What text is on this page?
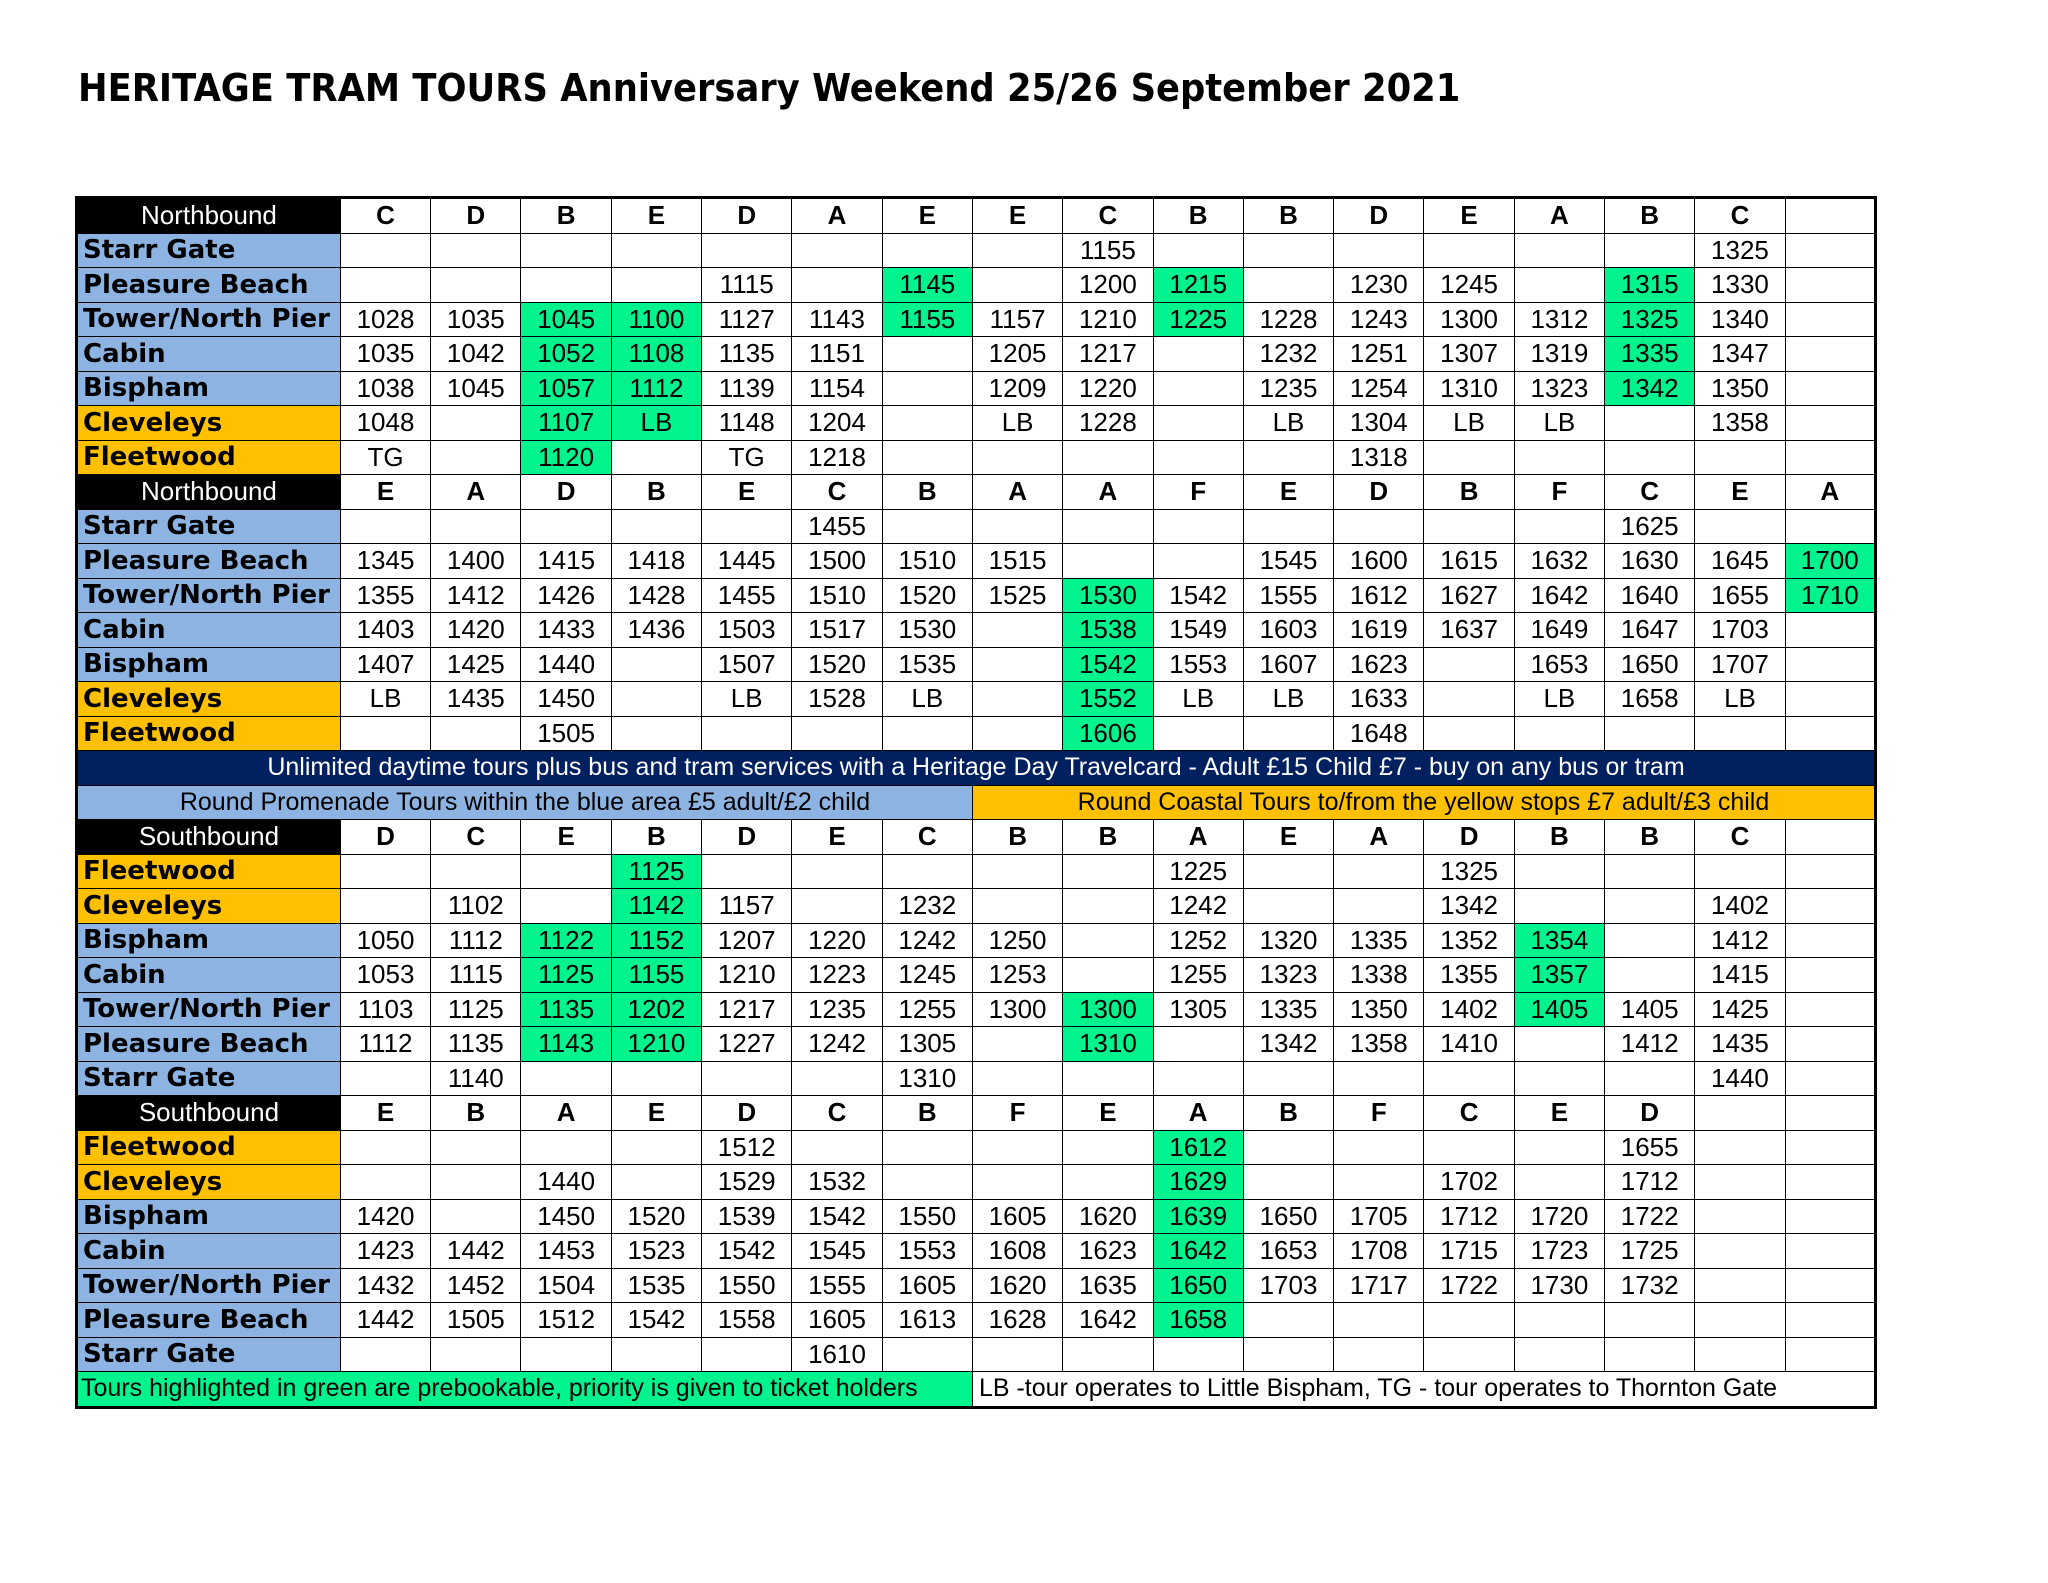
HERITAGE TRAM TOURS Anniversary Weekend 25/26 September 2021
Northbound	C	D	B	E	D	A	E	E	C	B	B	D	E	A	B	C	
Starr Gate									1155							1325	
Pleasure Beach					1115		1145		1200	1215		1230	1245		1315	1330	
Tower/North Pier	1028	1035	1045	1100	1127	1143	1155	1157	1210	1225	1228	1243	1300	1312	1325	1340	
Cabin	1035	1042	1052	1108	1135	1151		1205	1217		1232	1251	1307	1319	1335	1347	
Bispham	1038	1045	1057	1112	1139	1154		1209	1220		1235	1254	1310	1323	1342	1350	
Cleveleys	1048		1107	LB	1148	1204		LB	1228		LB	1304	LB	LB		1358	
Fleetwood	TG		1120		TG	1218						1318					
Northbound	E	A	D	B	E	C	B	A	A	F	E	D	B	F	C	E	A
Starr Gate						1455									1625		
Pleasure Beach	1345	1400	1415	1418	1445	1500	1510	1515			1545	1600	1615	1632	1630	1645	1700
Tower/North Pier	1355	1412	1426	1428	1455	1510	1520	1525	1530	1542	1555	1612	1627	1642	1640	1655	1710
Cabin	1403	1420	1433	1436	1503	1517	1530		1538	1549	1603	1619	1637	1649	1647	1703	
Bispham	1407	1425	1440		1507	1520	1535		1542	1553	1607	1623		1653	1650	1707	
Cleveleys	LB	1435	1450		LB	1528	LB		1552	LB	LB	1633		LB	1658	LB	
Fleetwood			1505						1606			1648					
Unlimited daytime tours plus bus and tram services with a Heritage Day Travelcard - Adult £15 Child £7 - buy on any bus or tram																	
Round Promenade Tours within the blue area £5 adult/£2 child								Round Coastal Tours to/from the yellow stops £7 adult/£3 child									
Southbound	D	C	E	B	D	E	C	B	B	A	E	A	D	B	B	C	
Fleetwood				1125						1225			1325				
Cleveleys		1102		1142	1157		1232			1242			1342			1402	
Bispham	1050	1112	1122	1152	1207	1220	1242	1250		1252	1320	1335	1352	1354		1412	
Cabin	1053	1115	1125	1155	1210	1223	1245	1253		1255	1323	1338	1355	1357		1415	
Tower/North Pier	1103	1125	1135	1202	1217	1235	1255	1300	1300	1305	1335	1350	1402	1405	1405	1425	
Pleasure Beach	1112	1135	1143	1210	1227	1242	1305		1310		1342	1358	1410		1412	1435	
Starr Gate		1140					1310									1440	
Southbound	E	B	A	E	D	C	B	F	E	A	B	F	C	E	D		
Fleetwood					1512					1612					1655		
Cleveleys			1440		1529	1532				1629			1702		1712		
Bispham	1420		1450	1520	1539	1542	1550	1605	1620	1639	1650	1705	1712	1720	1722		
Cabin	1423	1442	1453	1523	1542	1545	1553	1608	1623	1642	1653	1708	1715	1723	1725		
Tower/North Pier	1432	1452	1504	1535	1550	1555	1605	1620	1635	1650	1703	1717	1722	1730	1732		
Pleasure Beach	1442	1505	1512	1542	1558	1605	1613	1628	1642	1658							
Starr Gate						1610											
Tours highlighted in green are prebookable, priority is given to ticket holders								LB -tour operates to Little Bispham, TG - tour operates to Thornton Gate									
